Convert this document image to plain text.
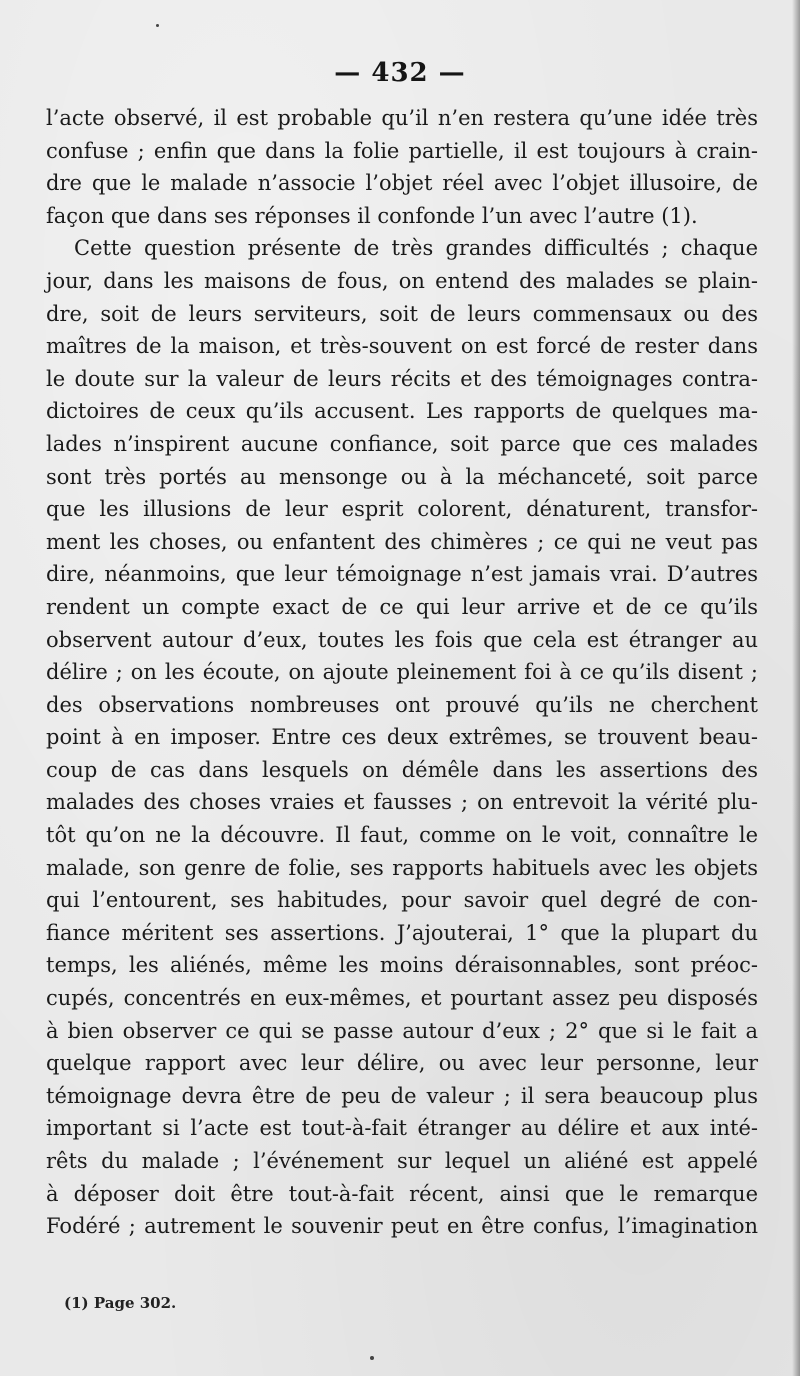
— 432 —
l’acte observé, il est probable qu’il n’en restera qu’une idée très
confuse ; enfin que dans la folie partielle, il est toujours à crain-
dre que le malade n’associe l’objet réel avec l’objet illusoire, de
façon que dans ses réponses il confonde l’un avec l’autre (1).
Cette question présente de très grandes difficultés ; chaque
jour, dans les maisons de fous, on entend des malades se plain-
dre, soit de leurs serviteurs, soit de leurs commensaux ou des
maîtres de la maison, et très-souvent on est forcé de rester dans
le doute sur la valeur de leurs récits et des témoignages contra-
dictoires de ceux qu’ils accusent. Les rapports de quelques ma-
lades n’inspirent aucune confiance, soit parce que ces malades
sont très portés au mensonge ou à la méchanceté, soit parce
que les illusions de leur esprit colorent, dénaturent, transfor-
ment les choses, ou enfantent des chimères ; ce qui ne veut pas
dire, néanmoins, que leur témoignage n’est jamais vrai. D’autres
rendent un compte exact de ce qui leur arrive et de ce qu’ils
observent autour d’eux, toutes les fois que cela est étranger au
délire ; on les écoute, on ajoute pleinement foi à ce qu’ils disent ;
des observations nombreuses ont prouvé qu’ils ne cherchent
point à en imposer. Entre ces deux extrêmes, se trouvent beau-
coup de cas dans lesquels on démêle dans les assertions des
malades des choses vraies et fausses ; on entrevoit la vérité plu-
tôt qu’on ne la découvre. Il faut, comme on le voit, connaître le
malade, son genre de folie, ses rapports habituels avec les objets
qui l’entourent, ses habitudes, pour savoir quel degré de con-
fiance méritent ses assertions. J’ajouterai, 1° que la plupart du
temps, les aliénés, même les moins déraisonnables, sont préoc-
cupés, concentrés en eux-mêmes, et pourtant assez peu disposés
à bien observer ce qui se passe autour d’eux ; 2° que si le fait a
quelque rapport avec leur délire, ou avec leur personne, leur
témoignage devra être de peu de valeur ; il sera beaucoup plus
important si l’acte est tout-à-fait étranger au délire et aux inté-
rêts du malade ; l’événement sur lequel un aliéné est appelé
à déposer doit être tout-à-fait récent, ainsi que le remarque
Fodéré ; autrement le souvenir peut en être confus, l’imagination
(1) Page 302.
